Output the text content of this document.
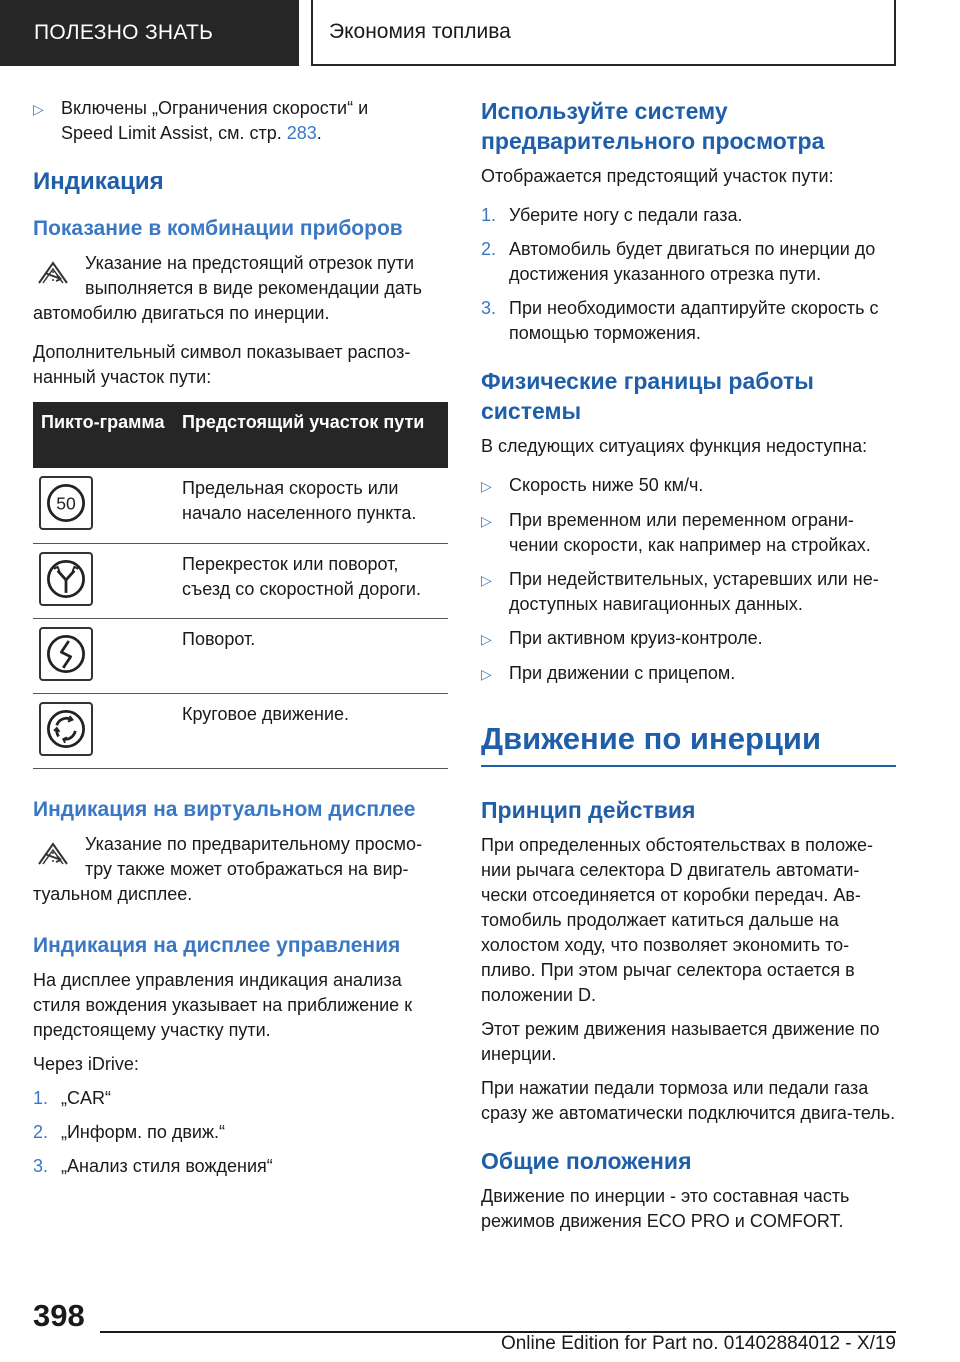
ПОЛЕЗНО ЗНАТЬ	Экономия топлива
▷ Включены „Ограничения скорости“ и
Speed Limit Assist, см. стр. 283.
Индикация
Показание в комбинации приборов
Указание на предстоящий отрезок пути выполняется в виде рекомендации дать автомобилю двигаться по инерции.
Дополнительный символ показывает распоз-нанный участок пути:
Пикто-грамма	Предстоящий участок пути

50	Предельная скорость или начало населенного пункта.

	Перекресток или поворот, съезд со скоростной дороги.

	Поворот.

	Круговое движение.
Индикация на виртуальном дисплее
Указание по предварительному просмо-тру также может отображаться на вир-туальном дисплее.
Индикация на дисплее управления
На дисплее управления индикация анализа стиля вождения указывает на приближение к предстоящему участку пути.
Через iDrive:
1. „CAR“
2. „Информ. по движ.“
3. „Анализ стиля вождения“
Используйте систему предварительного просмотра
Отображается предстоящий участок пути:
1. Уберите ногу с педали газа.
2. Автомобиль будет двигаться по инерции до достижения указанного отрезка пути.
3. При необходимости адаптируйте скорость с помощью торможения.
Физические границы работы системы
В следующих ситуациях функция недоступна:
▷ Скорость ниже 50 км/ч.
▷ При временном или переменном ограни-чении скорости, как например на стройках.
▷ При недействительных, устаревших или не-доступных навигационных данных.
▷ При активном круиз-контроле.
▷ При движении с прицепом.
Движение по инерции
Принцип действия
При определенных обстоятельствах в положе-нии рычага селектора D двигатель автомати-чески отсоединяется от коробки передач. Ав-томобиль продолжает катиться дальше на холостом ходу, что позволяет экономить то-пливо. При этом рычаг селектора остается в положении D.
Этот режим движения называется движение по инерции.
При нажатии педали тормоза или педали газа сразу же автоматически подключится двига-тель.
Общие положения
Движение по инерции - это составная часть режимов движения ECO PRO и COMFORT.
398
Online Edition for Part no. 01402884012 - X/19
